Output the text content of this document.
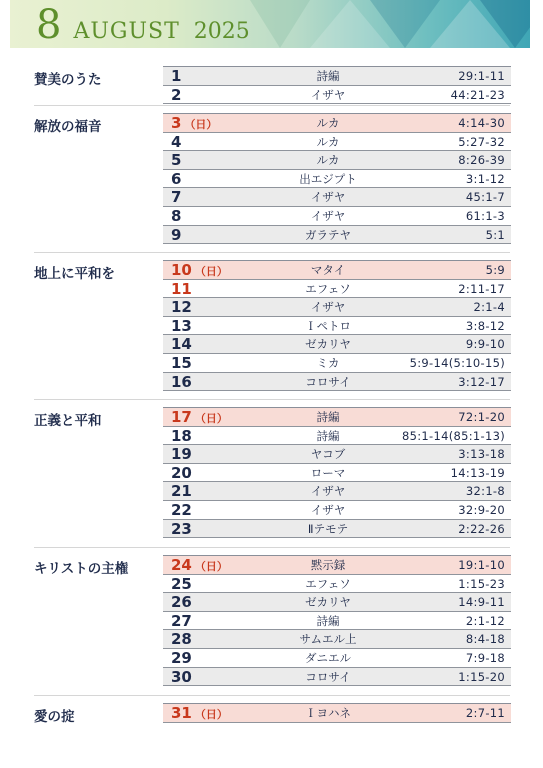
8 AUGUST 2025
賛美のうた	1	詩編	29:1-11
2	イザヤ	44:21-23
解放の福音	3 （日）	ルカ	4:14-30
4	ルカ	5:27-32
5	ルカ	8:26-39
6	出エジプト	3:1-12
7	イザヤ	45:1-7
8	イザヤ	61:1-3
9	ガラテヤ	5:1
地上に平和を	10 （日）	マタイ	5:9
11	エフェソ	2:11-17
12	イザヤ	2:1-4
13	Ｉペトロ	3:8-12
14	ゼカリヤ	9:9-10
15	ミカ	5:9-14(5:10-15)
16	コロサイ	3:12-17
正義と平和	17 （日）	詩編	72:1-20
18	詩編	85:1-14(85:1-13)
19	ヤコブ	3:13-18
20	ローマ	14:13-19
21	イザヤ	32:1-8
22	イザヤ	32:9-20
23	Ⅱテモテ	2:22-26
キリストの主権	24 （日）	黙示録	19:1-10
25	エフェソ	1:15-23
26	ゼカリヤ	14:9-11
27	詩編	2:1-12
28	サムエル上	8:4-18
29	ダニエル	7:9-18
30	コロサイ	1:15-20
愛の掟	31 （日）	Ｉヨハネ	2:7-11
